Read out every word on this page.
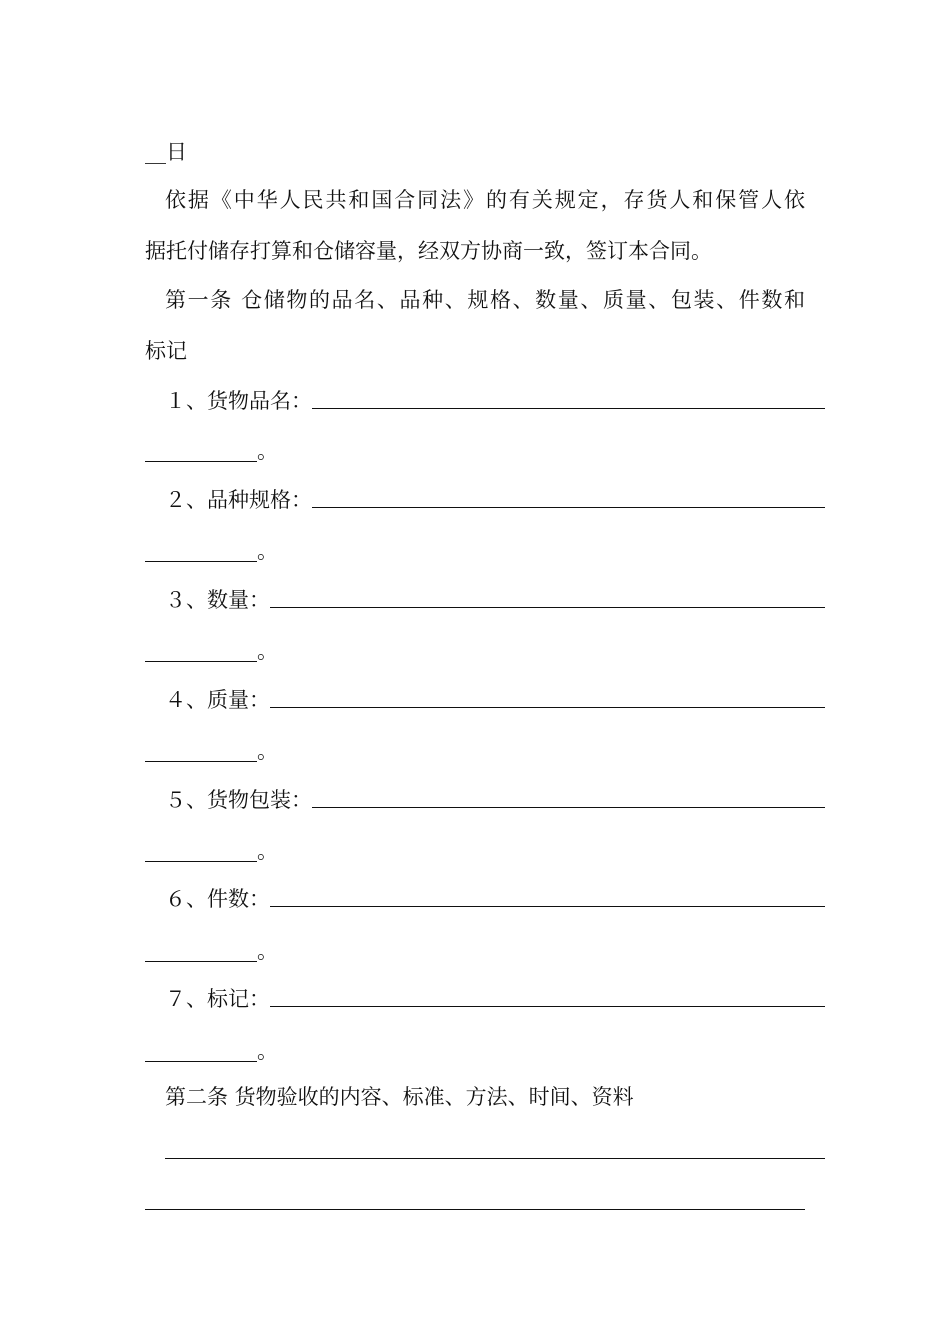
__日
依据《中华人民共和国合同法》的有关规定，存货人和保管人依
据托付储存打算和仓储容量，经双方协商一致，签订本合同。
第一条 仓储物的品名、品种、规格、数量、质量、包装、件数和
标记
１、货物品名：
。
２、品种规格：
。
３、数量：
。
４、质量：
。
５、货物包装：
。
６、件数：
。
７、标记：
。
第二条 货物验收的内容、标准、方法、时间、资料
